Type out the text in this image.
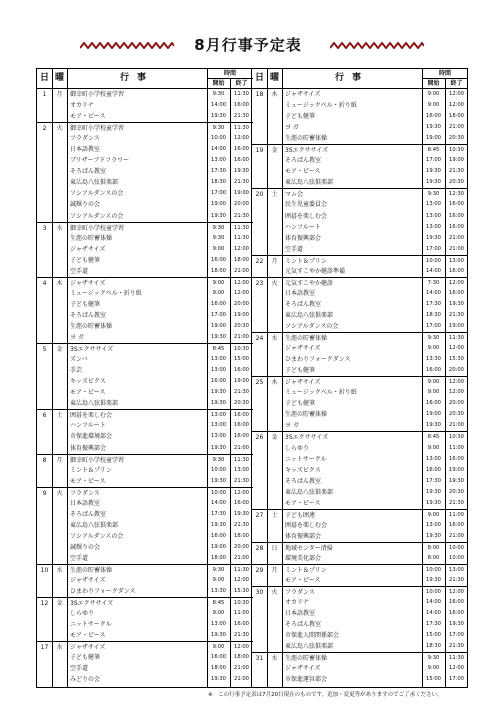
8月行事予定表
日 曜	行事	時間
開始	終了
1	月	御幸町小学校童学習	9:30	11:30
オカリナ	14:00	16:00
モア・ピース	19:30	21:30
2	火	御幸町小学校童学習	9:30	11:30
フラダンス	10:00	12:00
日本語教室	14:00	16:00
ブリザーブドフラワー	13:00	16:00
そろばん教室	17:30	19:30
東広島八弦倶楽部	18:30	21:30
ソシアルダンスの会	17:00	19:00
誠輝りの会	19:00	20:00
ソシアルダンスの会	19:30	21:30
3	水	御幸町小学校童学習	9:30	11:30
生涯の貯蓄体操	9:30	11:30
ジャザサイズ	9:00	12:00
子ども健筆	16:00	18:00
空手道	18:00	21:00
4	木	ジャザサイズ	9:00	12:00
ミュージックベル・折り紙	9:00	12:00
子ども健筆	16:00	20:00
そろばん教室	17:00	19:00
生涯の貯蓄体操	19:00	20:30
ヨ ガ	19:30	21:00
5	金	3Sエクササイズ	8:45	10:30
ズンバ	13:00	15:00
手芸	13:00	16:00
キッズビクス	16:00	19:00
モア・ピース	19:30	21:30
東広島八弦倶楽部	19:30	20:30
6	土	囲碁を楽しむ会	13:00	16:00
ハンフルート	13:00	16:00
市保進環境部会	13:00	16:00
体育振興部会	19:30	21:00
8	月	御幸町小学校童学習	9:30	11:30
ミント＆プリン	10:00	13:00
モア・ピース	19:30	21:30
9	火	フラダンス	10:00	12:00
日本語教室	14:00	16:00
そろばん教室	17:30	19:30
東広島八弦倶楽部	19:30	21:30
ソシアルダンスの会	16:00	18:00
誠輝りの会	19:00	20:00
空手道	18:00	21:00
10	水	生涯の貯蓄体操	9:30	11:30
ジャザサイズ	9:00	12:00
ひまわりフォークダンス	13:30	15:30
12	金	3Sエクササイズ	8:45	10:30
しらゆり	9:00	11:00
ニットサークル	13:00	16:00
モア・ピース	19:30	21:30
17	水	ジャザサイズ	9:00	12:00
子ども健筆	16:00	18:00
空手道	18:00	21:00
みどりの会	19:30	21:00
日 曜	行事	時間
開始	終了
18	木	ジャザサイズ	9:00	12:00
ミュージックベル・折り紙	9:00	12:00
子ども健筆	16:00	18:00
ヨ ガ	19:30	21:00
生涯の貯蓄体操	19:00	20:30
19	金	3Sエクササイズ	8:45	10:30
そろばん教室	17:00	19:00
モア・ピース	19:30	21:30
東広島八弦倶楽部	19:30	20:30
20	土	マム会	9:30	12:30
民生児童委員会	13:00	16:00
囲碁を楽しむ会	13:00	16:00
ハンフルート	13:00	16:00
体育振興部会	19:30	21:00
空手道	17:00	21:00
22	月	ミント＆プリン	10:00	13:00
元気すこやか健診準備	14:00	16:00
23	火	元気すこやか健診	7:30	12:00
日本語教室	14:00	16:00
そろばん教室	17:30	19:30
東広島八弦倶楽部	18:30	21:30
ソシアルダンスの会	17:00	19:00
24	水	生涯の貯蓄体操	9:30	11:30
ジャザサイズ	9:00	12:00
ひまわりフォークダンス	13:30	15:30
子ども健筆	16:00	20:00
25	木	ジャザサイズ	9:00	12:00
ミュージックベル・折り紙	9:00	12:00
子ども健筆	16:00	20:00
生涯の貯蓄体操	19:00	20:30
ヨ ガ	19:30	21:00
26	金	3Sエクササイズ	8:45	10:30
しらゆり	9:00	11:00
ニットサークル	13:00	16:00
キッズビクス	16:00	19:00
そろばん教室	17:30	19:30
東広島八弦倶楽部	19:30	20:30
モア・ピース	19:30	21:30
27	土	子ども囲連	9:00	11:00
囲碁を楽しむ会	13:00	16:00
体育振興部会	19:30	21:00
28	日	地域センター清掃	8:00	10:00
環境美化部会	8:00	10:00
29	月	ミント＆プリン	10:00	13:00
モア・ピース	19:30	21:30
30	火	フラダンス	10:00	12:00
オカリナ	14:00	16:00
日本語教室	14:00	16:00
そろばん教室	17:30	19:30
市保進人間関係部会	15:00	17:00
東広島八弦倶楽部	18:30	21:30
31	水	生涯の貯蓄体操	9:30	11:30
ジャザサイズ	9:00	12:00
市保進運営部会	15:00	17:00
※　この行事予定表は7月20日現在のものです。追加・変更等がありますのでご了承ください。
